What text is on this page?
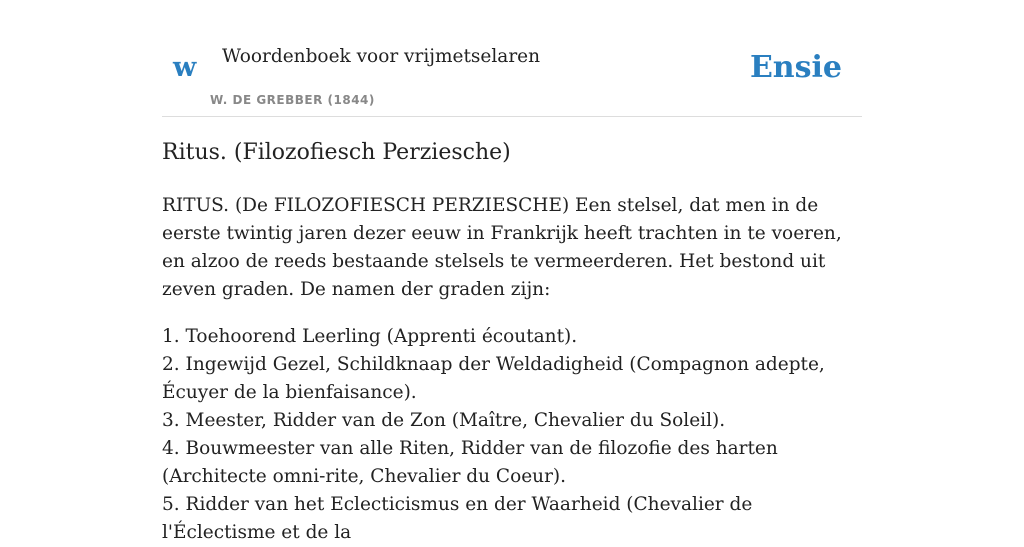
w Woordenboek voor vrijmetselaren
W. DE GREBBER (1844)
Ensie
Ritus. (Filozofiesch Perziesche)

RITUS. (De FILOZOFIESCH PERZIESCHE) Een stelsel, dat men in de eerste twintig jaren dezer eeuw in Frankrijk heeft trachten in te voeren, en alzoo de reeds bestaande stelsels te vermeerderen. Het bestond uit zeven graden. De namen der graden zijn:

1. Toehoorend Leerling (Apprenti écoutant).
2. Ingewijd Gezel, Schildknaap der Weldadigheid (Compagnon adepte, Écuyer de la bienfaisance).
3. Meester, Ridder van de Zon (Maître, Chevalier du Soleil).
4. Bouwmeester van alle Riten, Ridder van de filozofie des harten (Architecte omni-rite, Chevalier du Coeur).
5. Ridder van het Eclecticismus en der Waarheid (Chevalier de l'Éclectisme et de la
